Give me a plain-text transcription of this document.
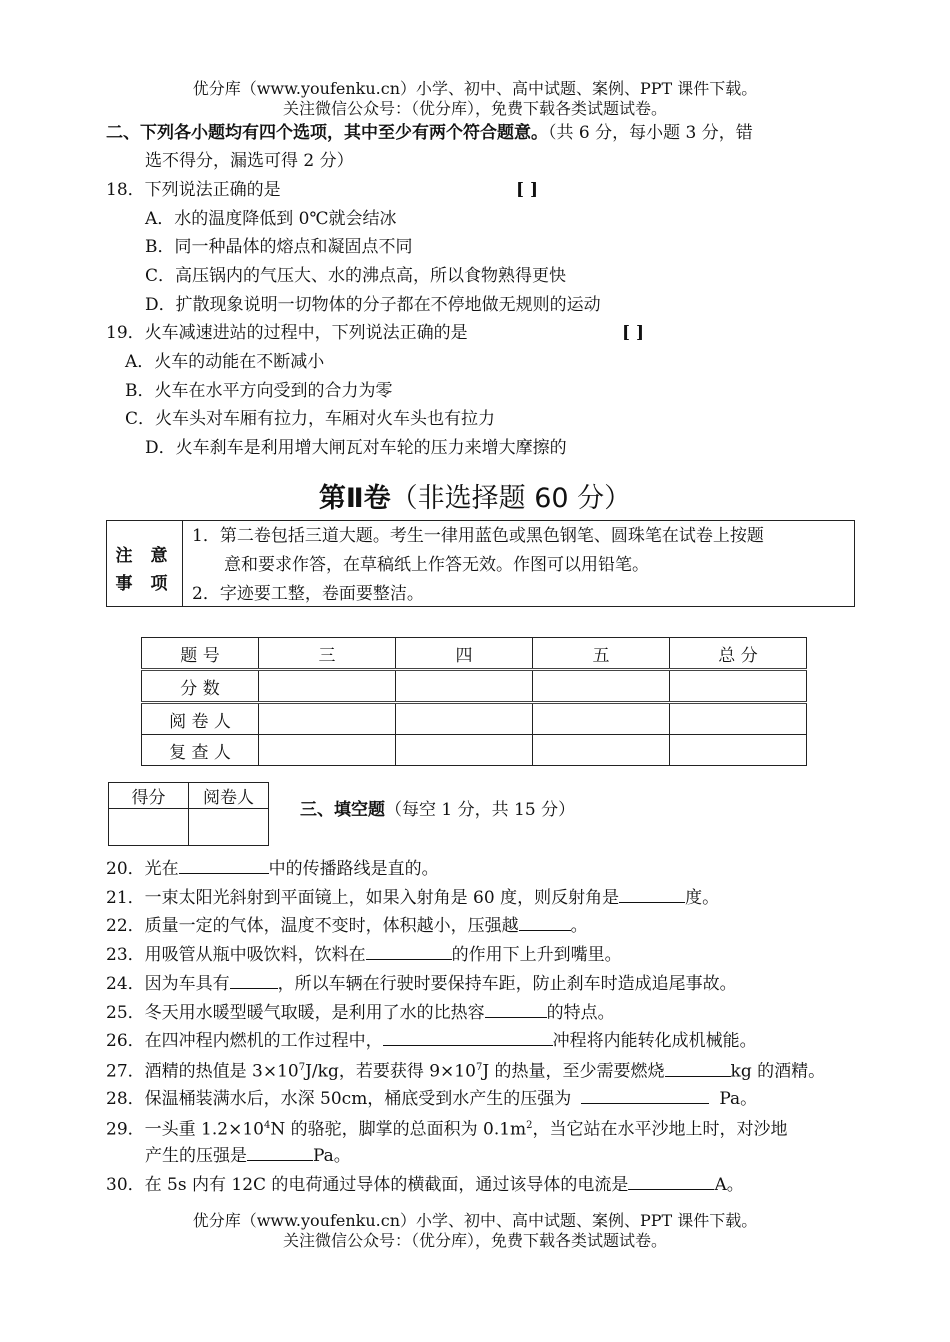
优分库（www.youfenku.cn）小学、初中、高中试题、案例、PPT 课件下载。
关注微信公众号：（优分库），免费下载各类试题试卷。
二、下列各小题均有四个选项，其中至少有两个符合题意。（共 6 分，每小题 3 分，错
选不得分，漏选可得 2 分）
18．下列说法正确的是	[ ]
A．水的温度降低到 0℃就会结冰
B．同一种晶体的熔点和凝固点不同
C．高压锅内的气压大、水的沸点高，所以食物熟得更快
D．扩散现象说明一切物体的分子都在不停地做无规则的运动
19．火车减速进站的过程中，下列说法正确的是	[ ]
A．火车的动能在不断减小
B．火车在水平方向受到的合力为零
C．火车头对车厢有拉力，车厢对火车头也有拉力
D．火车刹车是利用增大闸瓦对车轮的压力来增大摩擦的
第Ⅱ卷（非选择题 60 分）
注 意
事 项
1．第二卷包括三道大题。考生一律用蓝色或黑色钢笔、圆珠笔在试卷上按题
意和要求作答，在草稿纸上作答无效。作图可以用铅笔。
2．字迹要工整，卷面要整洁。
题 号	三	四	五	总 分
分 数				
阅 卷 人				
复 查 人				
得分	阅卷人

三、填空题（每空 1 分，共 15 分）
20．光在	中的传播路线是直的。
21．一束太阳光斜射到平面镜上，如果入射角是 60 度，则反射角是	度。
22．质量一定的气体，温度不变时，体积越小，压强越	。
23．用吸管从瓶中吸饮料，饮料在	的作用下上升到嘴里。
24．因为车具有	，所以车辆在行驶时要保持车距，防止刹车时造成追尾事故。
25．冬天用水暖型暖气取暖，是利用了水的比热容	的特点。
26．在四冲程内燃机的工作过程中，	冲程将内能转化成机械能。
27．酒精的热值是 $3\times 10^7J/kg$，若要获得 $9\times 10^7J$ 的热量，至少需要燃烧	kg 的酒精。
28．保温桶装满水后，水深 50cm，桶底受到水产生的压强为	Pa。
29．一头重 $1.2\times 10^4N$ 的骆驼，脚掌的总面积为 $0.1m^2$，当它站在水平沙地上时，对沙地
产生的压强是	Pa。
30．在 5s 内有 12C 的电荷通过导体的横截面，通过该导体的电流是	A。
优分库（www.youfenku.cn）小学、初中、高中试题、案例、PPT 课件下载。
关注微信公众号：（优分库），免费下载各类试题试卷。
